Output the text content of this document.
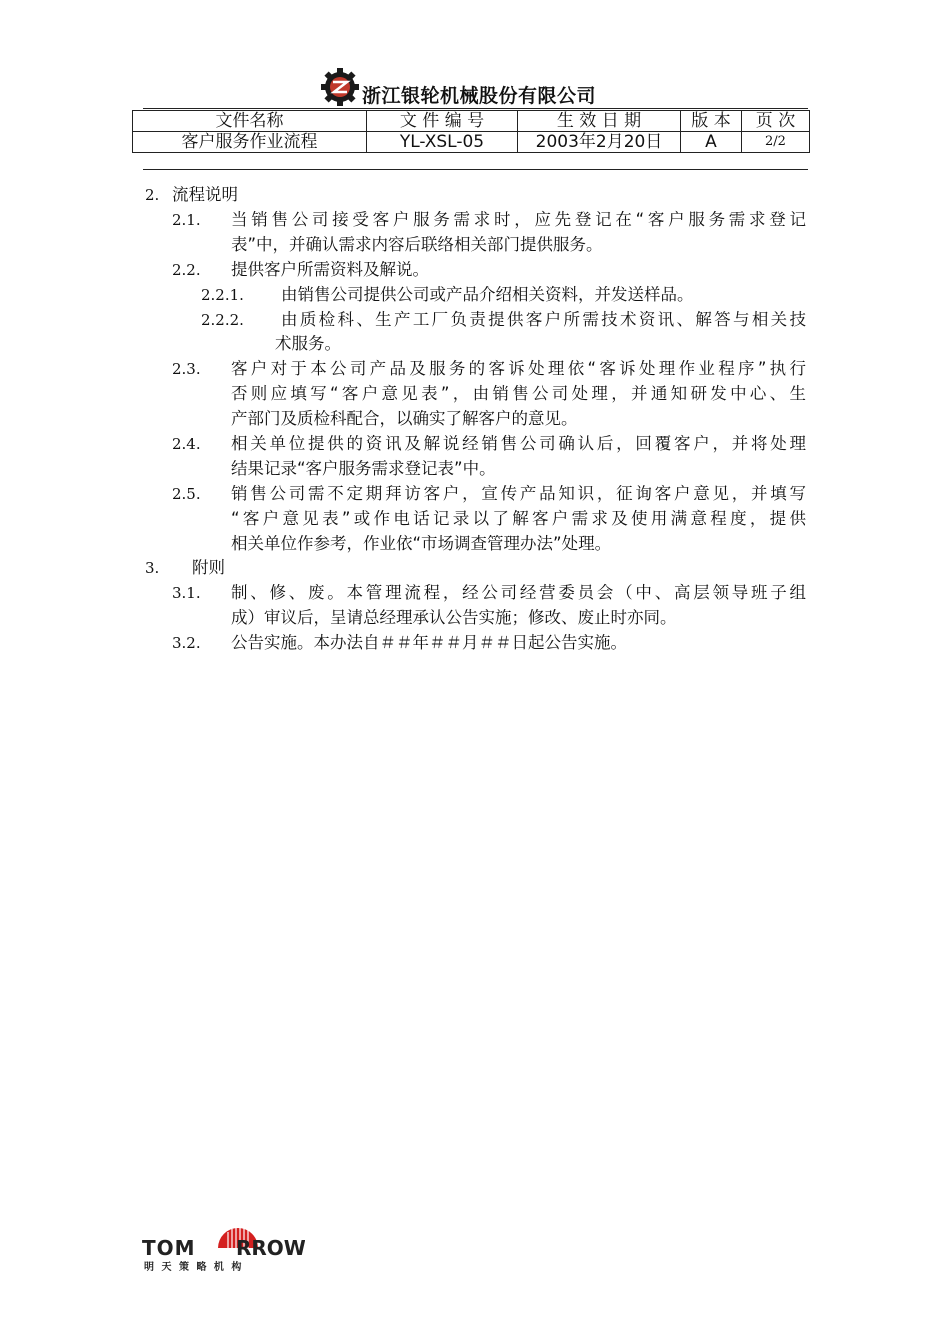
浙江银轮机械股份有限公司
文件名称	文 件 编 号	生 效 日 期	版 本	页 次
客户服务作业流程	YL-XSL-05	2003年2月20日	A	2/2
2. 流程说明
2.1. 当销售公司接受客户服务需求时，应先登记在“客户服务需求登记
表”中，并确认需求内容后联络相关部门提供服务。
2.2. 提供客户所需资料及解说。
2.2.1. 由销售公司提供公司或产品介绍相关资料，并发送样品。
2.2.2. 由质检科、生产工厂负责提供客户所需技术资讯、解答与相关技
术服务。
2.3. 客户对于本公司产品及服务的客诉处理依“客诉处理作业程序”执行
否则应填写“客户意见表”，由销售公司处理，并通知研发中心、生
产部门及质检科配合，以确实了解客户的意见。
2.4. 相关单位提供的资讯及解说经销售公司确认后，回覆客户，并将处理
结果记录“客户服务需求登记表”中。
2.5. 销售公司需不定期拜访客户，宣传产品知识，征询客户意见，并填写
“客户意见表”或作电话记录以了解客户需求及使用满意程度，提供
相关单位作参考，作业依“市场调查管理办法”处理。
3. 附则
3.1. 制、修、废。本管理流程，经公司经营委员会（中、高层领导班子组
成）审议后，呈请总经理承认公告实施；修改、废止时亦同。
3.2. 公告实施。本办法自＃＃年＃＃月＃＃日起公告实施。
TOM RROW
明 天 策 略 机 构
